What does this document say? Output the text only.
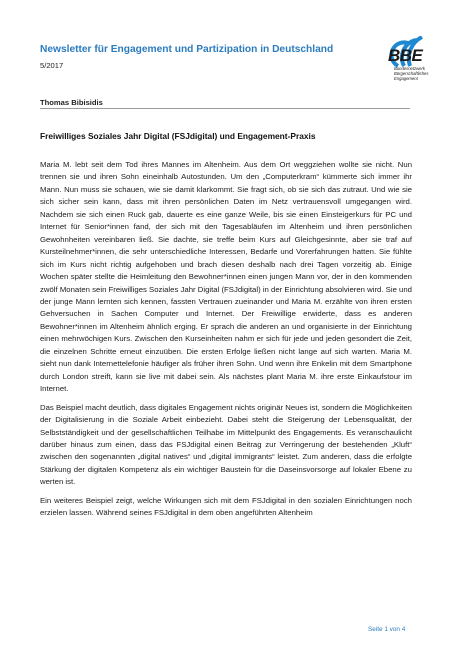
Newsletter für Engagement und Partizipation in Deutschland
5/2017
BBE
Bundesnetzwerk Bürgerschaftliches Engagement
Thomas Bibisidis
Freiwilliges Soziales Jahr Digital (FSJdigital) und Engagement-Praxis

Maria M. lebt seit dem Tod ihres Mannes im Altenheim. Aus dem Ort weggziehen wollte sie nicht. Nun trennen sie und ihren Sohn eineinhalb Autostunden. Um den „Computerkram“ kümmerte sich immer ihr Mann. Nun muss sie schauen, wie sie damit klarkommt. Sie fragt sich, ob sie sich das zutraut. Und wie sie sich sicher sein kann, dass mit ihren persönlichen Daten im Netz vertrauensvoll umgegangen wird. Nachdem sie sich einen Ruck gab, dauerte es eine ganze Weile, bis sie einen Einsteigerkurs für PC und Internet für Senior*innen fand, der sich mit den Tagesabläufen im Altenheim und ihren persönlichen Gewohnheiten vereinbaren ließ. Sie dachte, sie treffe beim Kurs auf Gleichgesinnte, aber sie traf auf Kursteilnehmer*innen, die sehr unterschiedliche Interessen, Bedarfe und Vorerfahrungen hatten. Sie fühlte sich im Kurs nicht richtig aufgehoben und brach diesen deshalb nach drei Tagen vorzeitig ab. Einige Wochen später stellte die Heimleitung den Bewohner*innen einen jungen Mann vor, der in den kommenden zwölf Monaten sein Freiwilliges Soziales Jahr Digital (FSJdigital) in der Einrichtung absolvieren wird. Sie und der junge Mann lernten sich kennen, fassten Vertrauen zueinander und Maria M. erzählte von ihren ersten Gehversuchen in Sachen Computer und Internet. Der Freiwillige erwiderte, dass es anderen Bewohner*innen im Altenheim ähnlich erging. Er sprach die anderen an und organisierte in der Einrichtung einen mehrwöchigen Kurs. Zwischen den Kurseinheiten nahm er sich für jede und jeden gesondert die Zeit, die einzelnen Schritte erneut einzuüben. Die ersten Erfolge ließen nicht lange auf sich warten. Maria M. sieht nun dank Internettelefonie häufiger als früher ihren Sohn. Und wenn ihre Enkelin mit dem Smartphone durch London streift, kann sie live mit dabei sein. Als nächstes plant Maria M. ihre erste Einkaufstour im Internet.

Das Beispiel macht deutlich, dass digitales Engagement nichts originär Neues ist, sondern die Möglichkeiten der Digitalisierung in die Soziale Arbeit einbezieht. Dabei steht die Steigerung der Lebensqualität, der Selbstständigkeit und der gesellschaftlichen Teilhabe im Mittelpunkt des Engagements. Es veranschaulicht darüber hinaus zum einen, dass das FSJdigital einen Beitrag zur Verringerung der bestehenden „Kluft“ zwischen den sogenannten „digital natives“ und „digital immigrants“ leistet. Zum anderen, dass die erfolgte Stärkung der digitalen Kompetenz als ein wichtiger Baustein für die Daseinsvorsorge auf lokaler Ebene zu werten ist.

Ein weiteres Beispiel zeigt, welche Wirkungen sich mit dem FSJdigital in den sozialen Einrichtungen noch erzielen lassen. Während seines FSJdigital in dem oben angeführten Altenheim

Seite 1 von 4
